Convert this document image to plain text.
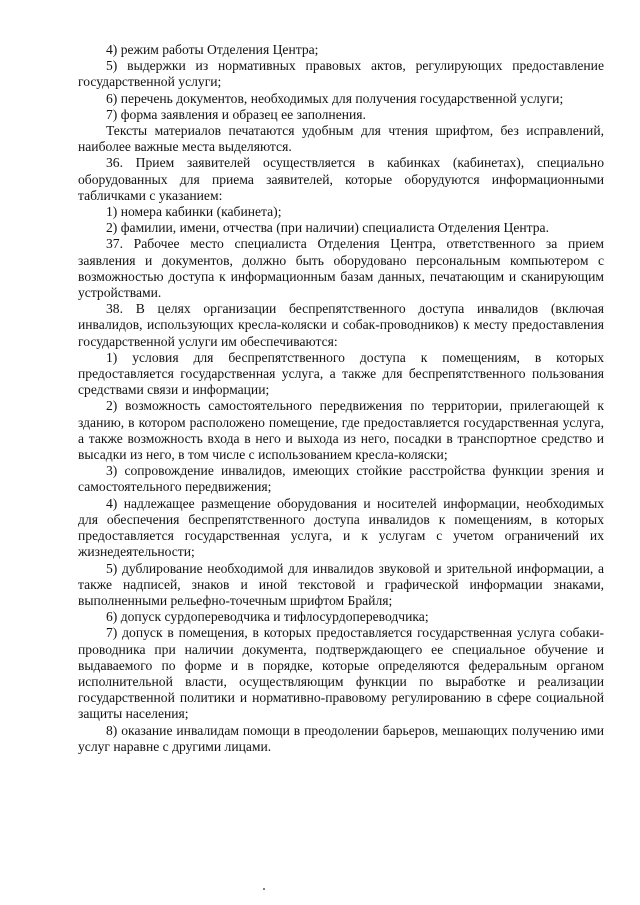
4) режим работы Отделения Центра;

5) выдержки из нормативных правовых актов, регулирующих предоставление государственной услуги;

6) перечень документов, необходимых для получения государственной услуги;

7) форма заявления и образец ее заполнения.

Тексты материалов печатаются удобным для чтения шрифтом, без исправлений, наиболее важные места выделяются.

36. Прием заявителей осуществляется в кабинках (кабинетах), специально оборудованных для приема заявителей, которые оборудуются информационными табличками с указанием:

1) номера кабинки (кабинета);

2) фамилии, имени, отчества (при наличии) специалиста Отделения Центра.

37. Рабочее место специалиста Отделения Центра, ответственного за прием заявления и документов, должно быть оборудовано персональным компьютером с возможностью доступа к информационным базам данных, печатающим и сканирующим устройствами.

38. В целях организации беспрепятственного доступа инвалидов (включая инвалидов, использующих кресла-коляски и собак-проводников) к месту предоставления государственной услуги им обеспечиваются:

1) условия для беспрепятственного доступа к помещениям, в которых предоставляется государственная услуга, а также для беспрепятственного пользования средствами связи и информации;

2) возможность самостоятельного передвижения по территории, прилегающей к зданию, в котором расположено помещение, где предоставляется государственная услуга, а также возможность входа в него и выхода из него, посадки в транспортное средство и высадки из него, в том числе с использованием кресла-коляски;

3) сопровождение инвалидов, имеющих стойкие расстройства функции зрения и самостоятельного передвижения;

4) надлежащее размещение оборудования и носителей информации, необходимых для обеспечения беспрепятственного доступа инвалидов к помещениям, в которых предоставляется государственная услуга, и к услугам с учетом ограничений их жизнедеятельности;

5) дублирование необходимой для инвалидов звуковой и зрительной информации, а также надписей, знаков и иной текстовой и графической информации знаками, выполненными рельефно-точечным шрифтом Брайля;

6) допуск сурдопереводчика и тифлосурдопереводчика;

7) допуск в помещения, в которых предоставляется государственная услуга собаки-проводника при наличии документа, подтверждающего ее специальное обучение и выдаваемого по форме и в порядке, которые определяются федеральным органом исполнительной власти, осуществляющим функции по выработке и реализации государственной политики и нормативно-правовому регулированию в сфере социальной защиты населения;

8) оказание инвалидам помощи в преодолении барьеров, мешающих получению ими услуг наравне с другими лицами.
